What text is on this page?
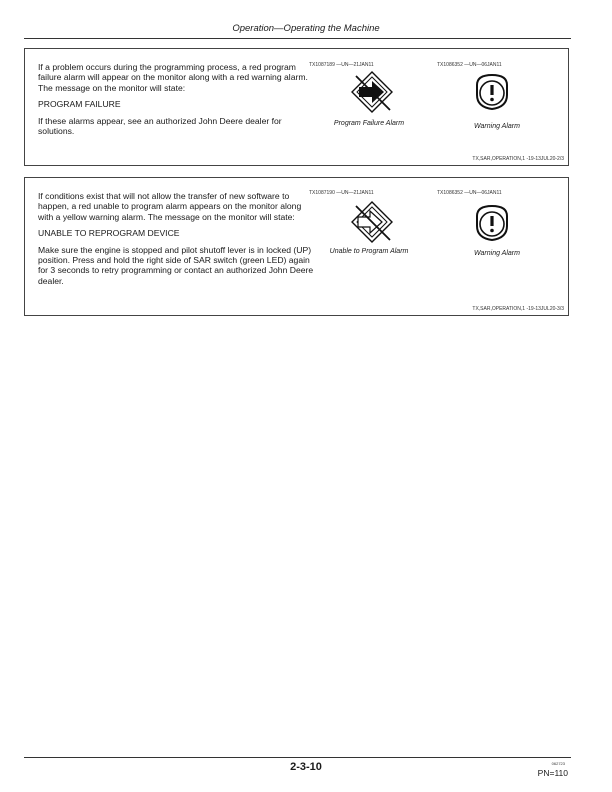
Operation—Operating the Machine

If a problem occurs during the programming process, a red program failure alarm will appear on the monitor along with a red warning alarm. The message on the monitor will state:

PROGRAM FAILURE

If these alarms appear, see an authorized John Deere dealer for solutions.

TX1087189 —UN—21JAN11
Program Failure Alarm
TX1086352 —UN—06JAN11
Warning Alarm
TX,SAR,OPERATION,1 -19-13JUL20-2/3

If conditions exist that will not allow the transfer of new software to happen, a red unable to program alarm appears on the monitor along with a yellow warning alarm. The message on the monitor will state:

UNABLE TO REPROGRAM DEVICE

Make sure the engine is stopped and pilot shutoff lever is in locked (UP) position. Press and hold the right side of SAR switch (green LED) again for 3 seconds to retry programming or contact an authorized John Deere dealer.

TX1087190 —UN—21JAN11
Unable to Program Alarm
TX1086352 —UN—06JAN11
Warning Alarm
TX,SAR,OPERATION,1 -19-13JUL20-3/3
2-3-10	062723
PN=110
